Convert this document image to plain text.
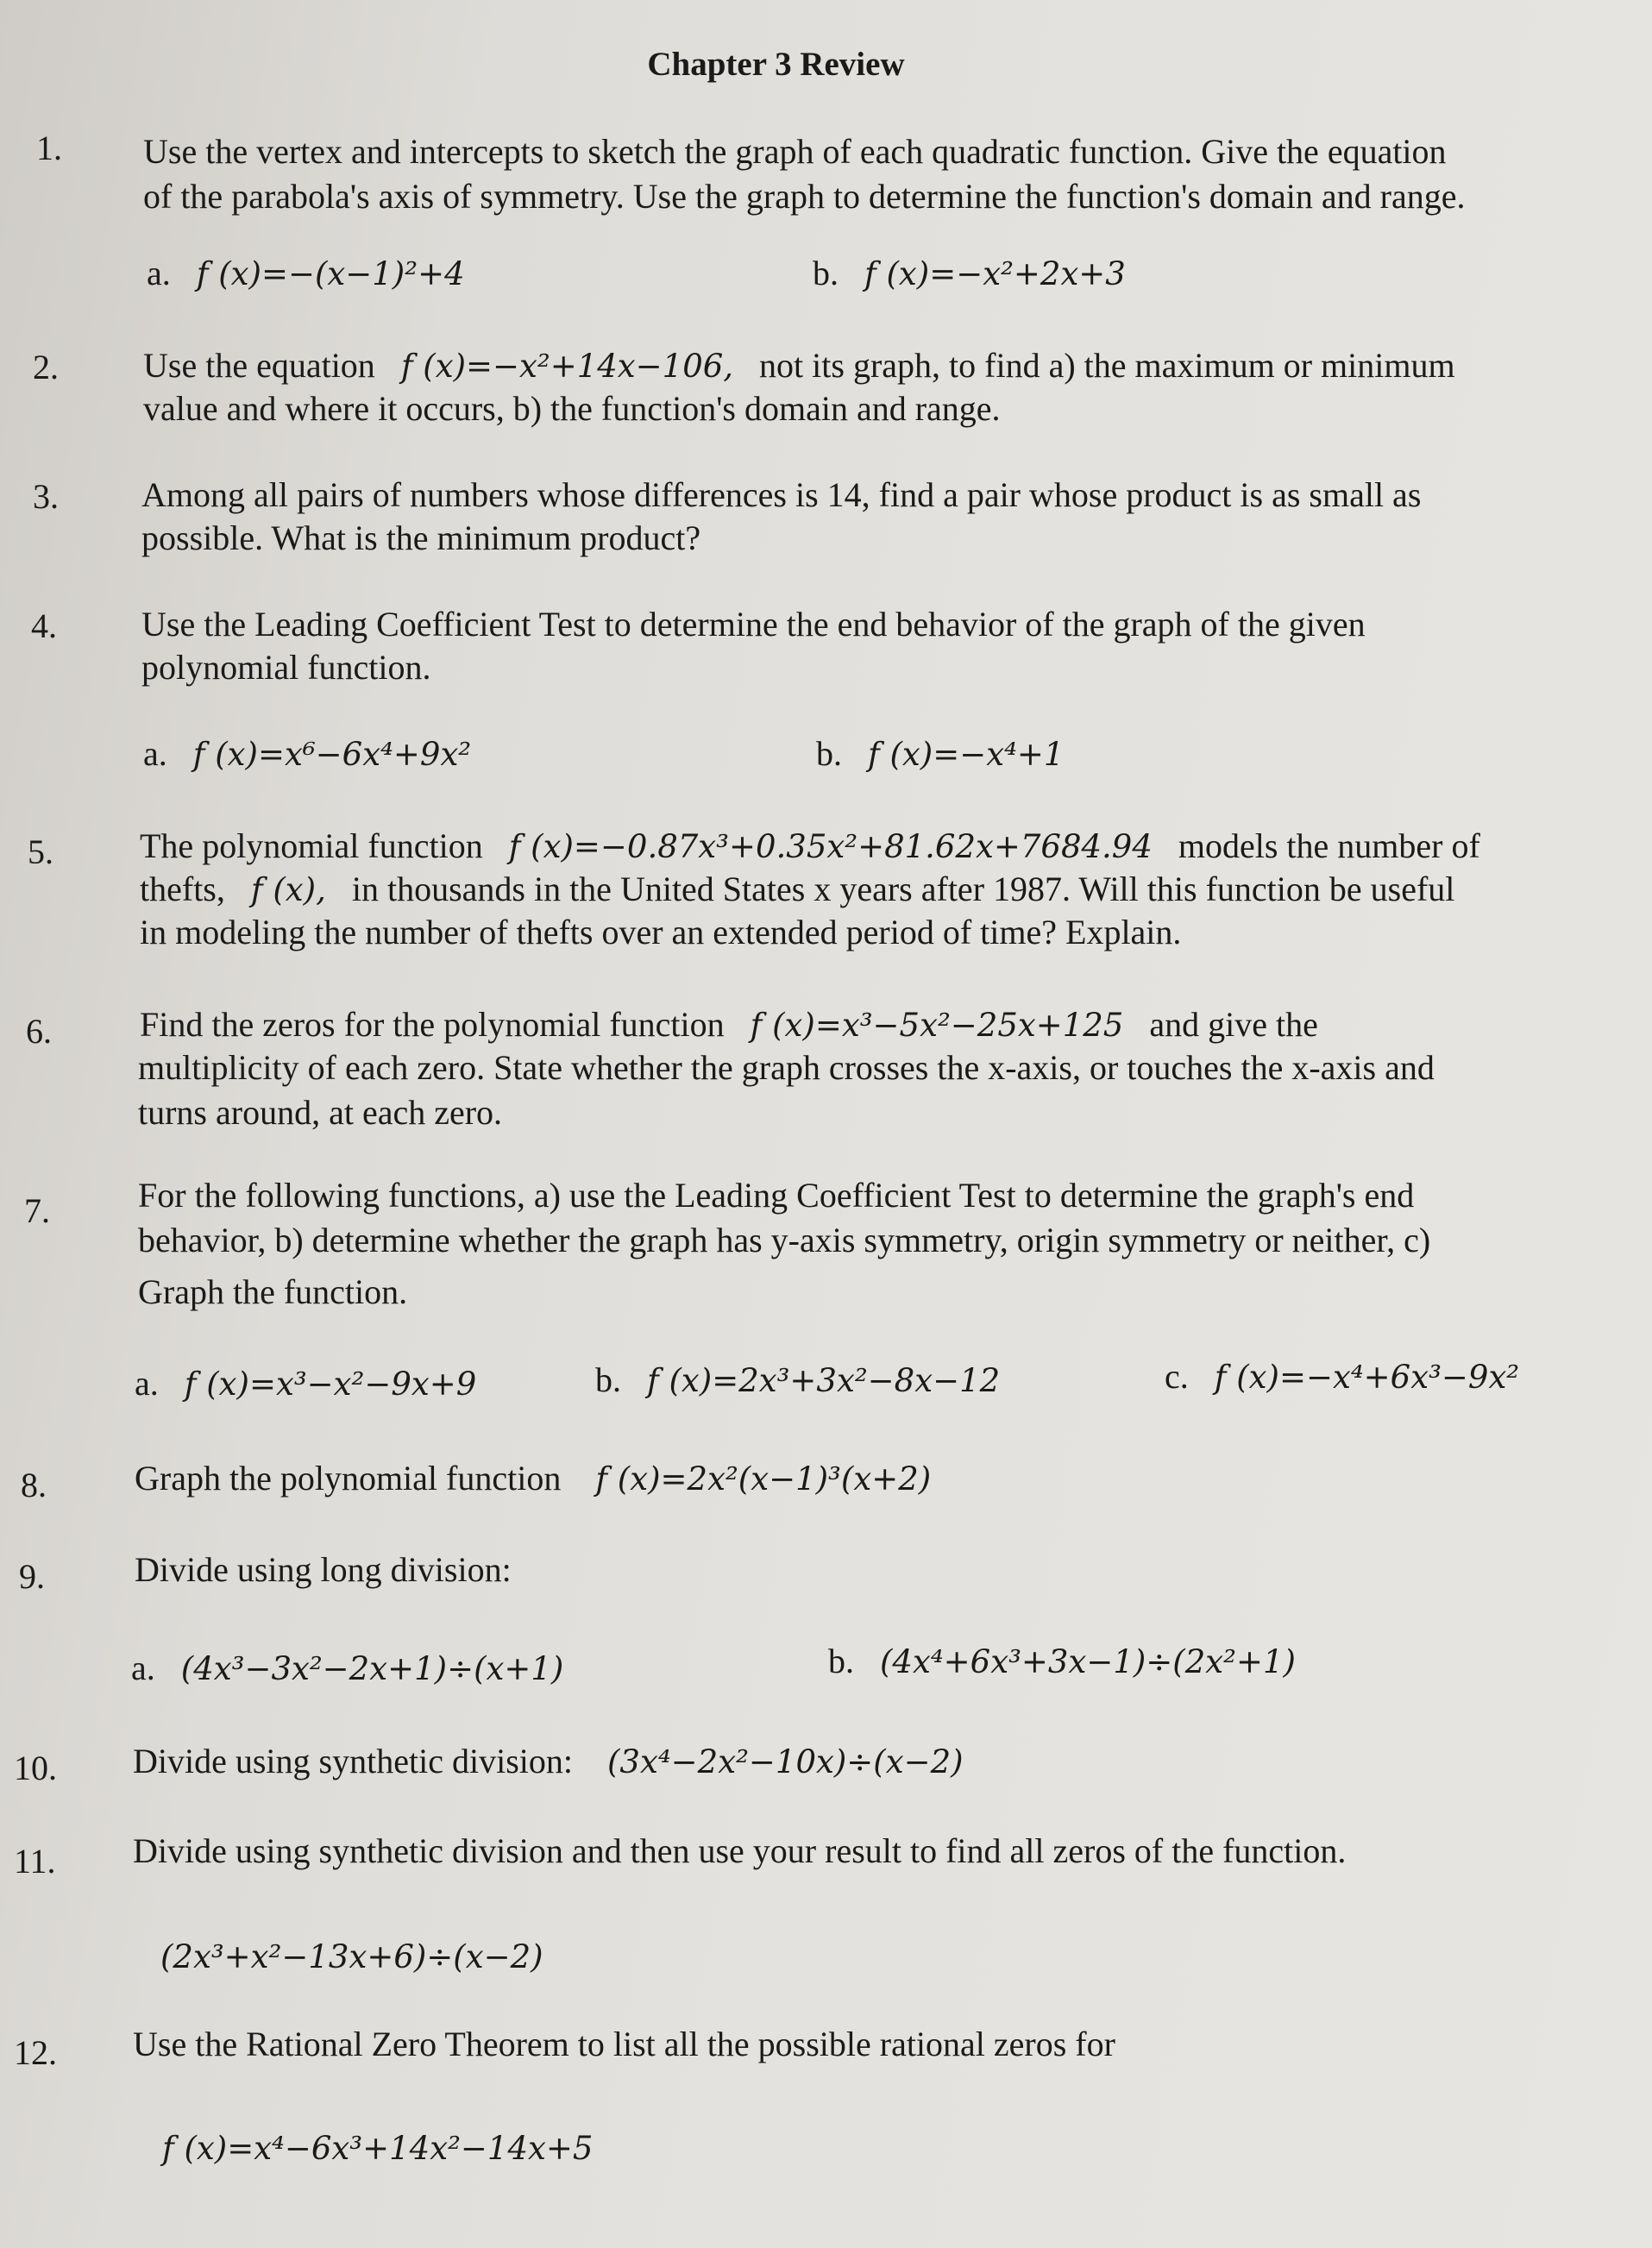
Chapter 3 Review
1. Use the vertex and intercepts to sketch the graph of each quadratic function. Give the equation
of the parabola's axis of symmetry. Use the graph to determine the function's domain and range.
a. f (x)=−(x−1)²+4	b. f (x)=−x²+2x+3
2. Use the equation f (x)=−x²+14x−106, not its graph, to find a) the maximum or minimum
value and where it occurs, b) the function's domain and range.
3. Among all pairs of numbers whose differences is 14, find a pair whose product is as small as
possible. What is the minimum product?
4. Use the Leading Coefficient Test to determine the end behavior of the graph of the given
polynomial function.
a. f (x)=x⁶−6x⁴+9x²	b. f (x)=−x⁴+1
5.	The polynomial function f (x)=−0.87x³+0.35x²+81.62x+7684.94 models the number of
thefts, f (x), in thousands in the United States x years after 1987. Will this function be useful
in modeling the number of thefts over an extended period of time? Explain.
6.	Find the zeros for the polynomial function f (x)=x³−5x²−25x+125 and give the
multiplicity of each zero. State whether the graph crosses the x-axis, or touches the x-axis and
turns around, at each zero.
7.	For the following functions, a) use the Leading Coefficient Test to determine the graph's end
behavior, b) determine whether the graph has y-axis symmetry, origin symmetry or neither, c)
Graph the function.
a. f (x)=x³−x²−9x+9	b. f (x)=2x³+3x²−8x−12	c. f (x)=−x⁴+6x³−9x²
8.	Graph the polynomial function f (x)=2x²(x−1)³(x+2)
9.	Divide using long division:
a. (4x³−3x²−2x+1)÷(x+1)	b. (4x⁴+6x³+3x−1)÷(2x²+1)
10. Divide using synthetic division: (3x⁴−2x²−10x)÷(x−2)
11. Divide using synthetic division and then use your result to find all zeros of the function.
(2x³+x²−13x+6)÷(x−2)
12. Use the Rational Zero Theorem to list all the possible rational zeros for
f (x)=x⁴−6x³+14x²−14x+5
